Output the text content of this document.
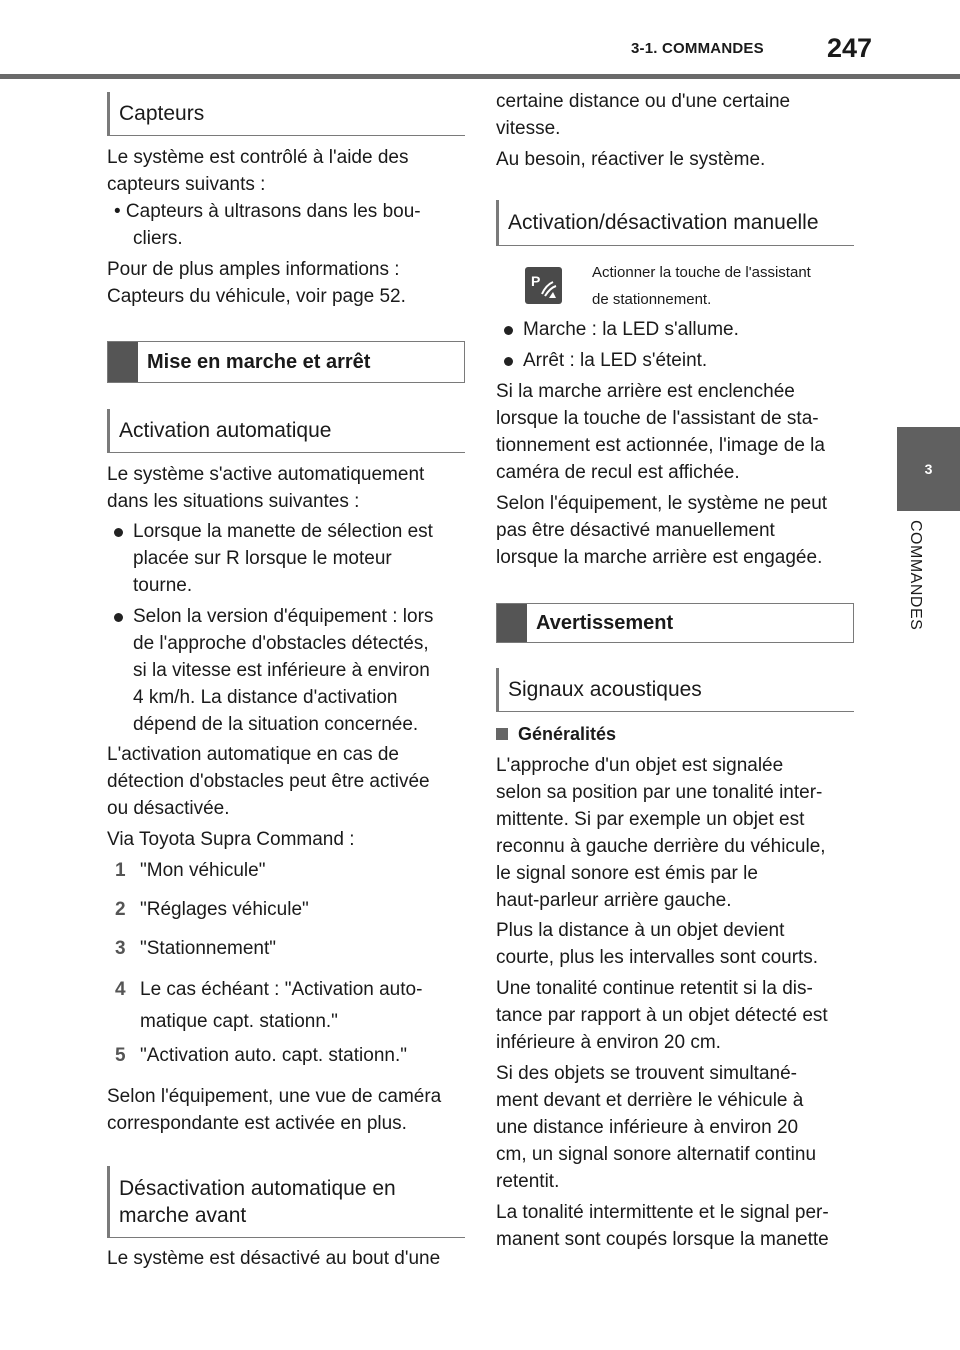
3-1. COMMANDES 247
3
COMMANDES
Capteurs

Le système est contrôlé à l'aide des
capteurs suivants :

• Capteurs à ultrasons dans les bou-
cliers.

Pour de plus amples informations :
Capteurs du véhicule, voir page 52.

Mise en marche et arrêt
Activation automatique

Le système s'active automatiquement
dans les situations suivantes :

Lorsque la manette de sélection est
placée sur R lorsque le moteur
tourne.
Selon la version d'équipement : lors
de l'approche d'obstacles détectés,
si la vitesse est inférieure à environ
4 km/h. La distance d'activation
dépend de la situation concernée.

L'activation automatique en cas de
détection d'obstacles peut être activée
ou désactivée.

Via Toyota Supra Command :

1 "Mon véhicule"
2 "Réglages véhicule"
3 "Stationnement"
4 Le cas échéant : "Activation auto-
matique capt. stationn."
5 "Activation auto. capt. stationn."

Selon l'équipement, une vue de caméra
correspondante est activée en plus.

Désactivation automatique en
marche avant

Le système est désactivé au bout d'une

certaine distance ou d'une certaine
vitesse.

Au besoin, réactiver le système.

Activation/désactivation manuelle
P	Actionner la touche de l'assistant
de stationnement.

Marche : la LED s'allume.
Arrêt : la LED s'éteint.

Si la marche arrière est enclenchée
lorsque la touche de l'assistant de sta-
tionnement est actionnée, l'image de la
caméra de recul est affichée.

Selon l'équipement, le système ne peut
pas être désactivé manuellement
lorsque la marche arrière est engagée.

Avertissement
Signaux acoustiques
Généralités

L'approche d'un objet est signalée
selon sa position par une tonalité inter-
mittente. Si par exemple un objet est
reconnu à gauche derrière du véhicule,
le signal sonore est émis par le
haut-parleur arrière gauche.

Plus la distance à un objet devient
courte, plus les intervalles sont courts.

Une tonalité continue retentit si la dis-
tance par rapport à un objet détecté est
inférieure à environ 20 cm.

Si des objets se trouvent simultané-
ment devant et derrière le véhicule à
une distance inférieure à environ 20
cm, un signal sonore alternatif continu
retentit.

La tonalité intermittente et le signal per-
manent sont coupés lorsque la manette
